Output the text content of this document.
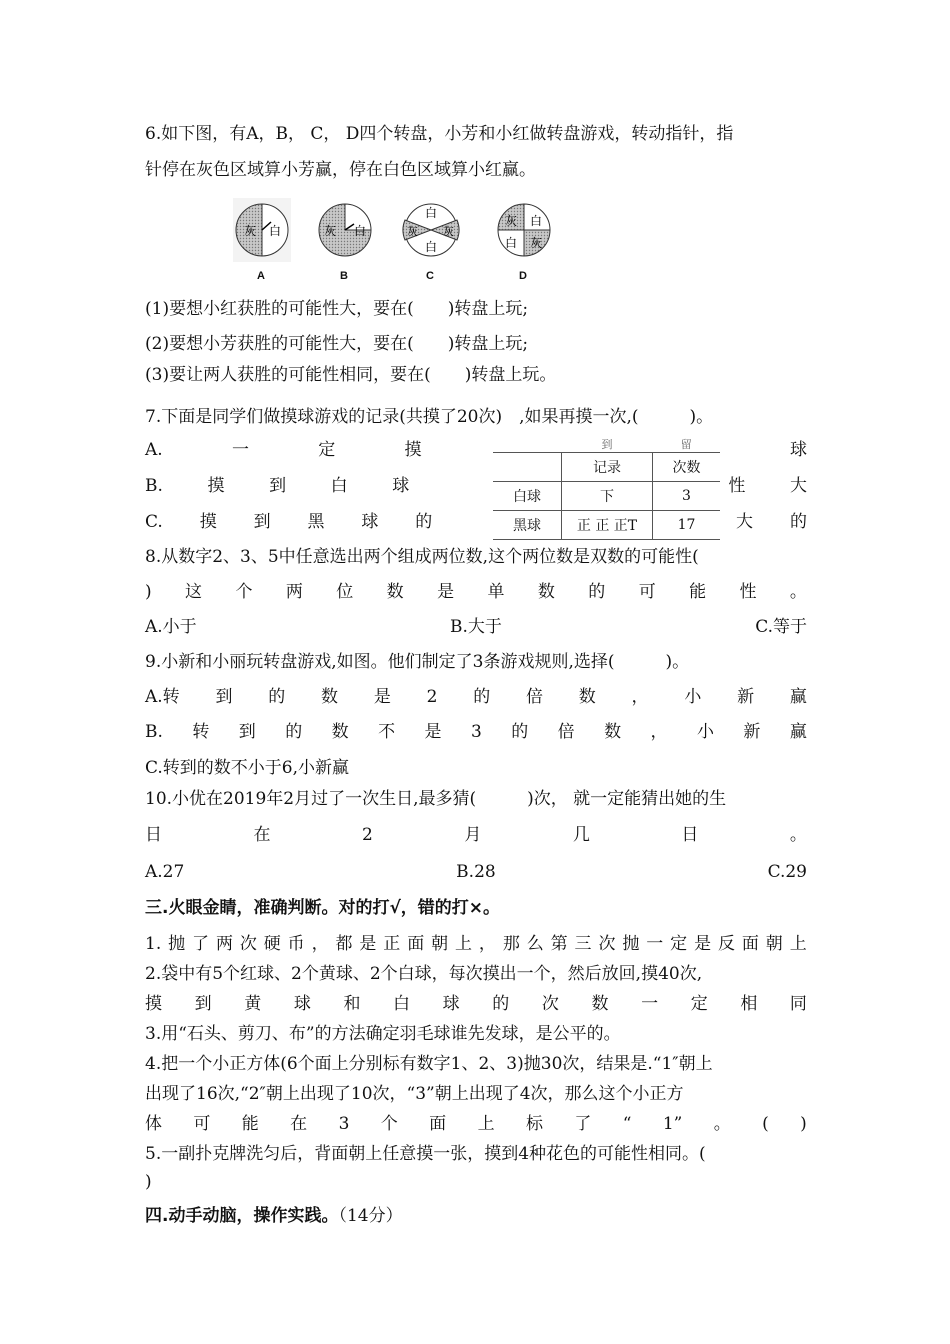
6.如下图，有A，B， C， D四个转盘，小芳和小红做转盘游戏，转动指针，指
针停在灰色区域算小芳赢，停在白色区域算小红赢。
灰 白
A
灰 白
B
白
灰 灰
白
C
灰 白
白 灰
D
(1)要想小红获胜的可能性大，要在(　　)转盘上玩;
(2)要想小芳获胜的可能性大，要在(　　)转盘上玩;
(3)要让两人获胜的可能性相同，要在(　　)转盘上玩。
7.下面是同学们做摸球游戏的记录(共摸了20次)　,如果再摸一次,(　　　)。
A.	一	定	摸	球
B.	摸	到	白	球	性	大
C. 摸 到 黑 球 的	大 的
	到	留
	记录	次数
白球	下	3
黑球	正 正 正T	17
8.从数字2、3、5中任意选出两个组成两位数,这个两位数是双数的可能性(
) 这 个 两 位 数 是 单 数 的 可 能 性 。
A.小于	B.大于	C.等于
9.小新和小丽玩转盘游戏,如图。他们制定了3条游戏规则,选择(　　　)。
A.转 到 的 数 是 2 的 倍 数 ， 小 新 赢
B. 转 到 的 数 不 是 3 的 倍 数 ， 小 新 赢
C.转到的数不小于6,小新赢
10.小优在2019年2月过了一次生日,最多猜(　　　)次， 就一定能猜出她的生
日	在	2	月	几	日	。
A.27	B.28	C.29
三.火眼金睛，准确判断。对的打√，错的打×。
1. 抛 了 两 次 硬 币 ， 都 是 正 面 朝 上 ， 那 么 第 三 次 抛 一 定 是 反 面 朝 上
2.袋中有5个红球、2个黄球、2个白球，每次摸出一个，然后放回,摸40次,
摸 到 黄 球 和 白 球 的 次 数 一 定 相 同
3.用“石头、剪刀、布”的方法确定羽毛球谁先发球，是公平的。
4.把一个小正方体(6个面上分别标有数字1、2、3)抛30次，结果是.“1″朝上
出现了16次,“2″朝上出现了10次，“3”朝上出现了4次，那么这个小正方
体 可 能 在 3 个 面 上 标 了 “ 1” 。 ( )
5.一副扑克牌洗匀后，背面朝上任意摸一张，摸到4种花色的可能性相同。(
)
四.动手动脑，操作实践。（14分）
